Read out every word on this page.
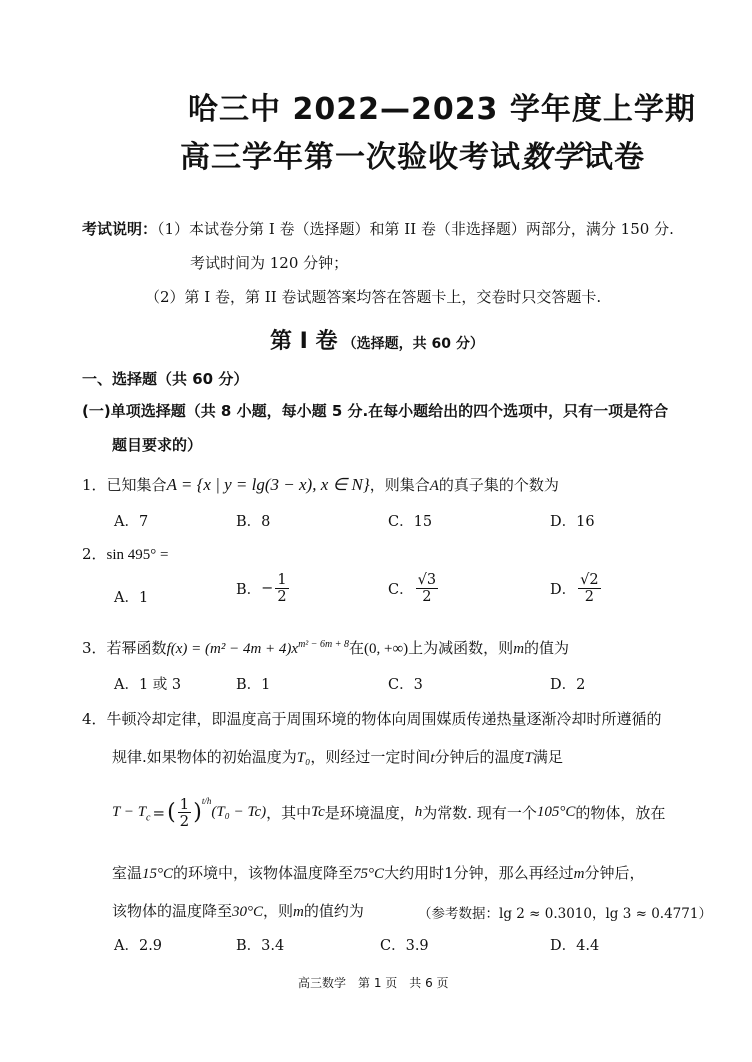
哈三中 2022—2023 学年度上学期
高三学年第一次验收考试数学试卷
考试说明：（1）本试卷分第 I 卷（选择题）和第 II 卷（非选择题）两部分，满分 150 分.
考试时间为 120 分钟；
（2）第 I 卷，第 II 卷试题答案均答在答题卡上，交卷时只交答题卡.
第 I 卷 （选择题，共 60 分）
一、选择题（共 60 分）
(一)单项选择题（共 8 小题，每小题 5 分.在每小题给出的四个选项中，只有一项是符合
题目要求的）
1．已知集合A = {x | y = lg(3 − x), x ∈ N}，则集合A的真子集的个数为
A．7	B．8	C．15	D．16
2．sin 495° =
A．1	B．− $\frac{1}{2}$	C． $\frac{√3}{2}$	D． $\frac{√2}{2}$
3．若幂函数$f(x) = (m^2 - 4m + 4)x^{m^2 - 6m + 8}$在(0, +∞)上为减函数，则m的值为
A．1 或 3	B．1	C．3	D．2
4．牛顿冷却定律，即温度高于周围环境的物体向周围媒质传递热量逐渐冷却时所遵循的
规律.如果物体的初始温度为T₀，则经过一定时间t分钟后的温度T满足
$T - T_c$ =( $\frac{1}{2} )^{t/h}(T_0 - Tc)$，其中Tc是环境温度，h为常数. 现有一个105°C的物体，放在
室温15°C的环境中，该物体温度降至75°C大约用时1分钟，那么再经过m分钟后，
该物体的温度降至30°C，则m的值约为	（参考数据：lg 2 ≈ 0.3010，lg 3 ≈ 0.4771）
A．2.9	B．3.4	C．3.9	D．4.4
高三数学　第 1 页　共 6 页
